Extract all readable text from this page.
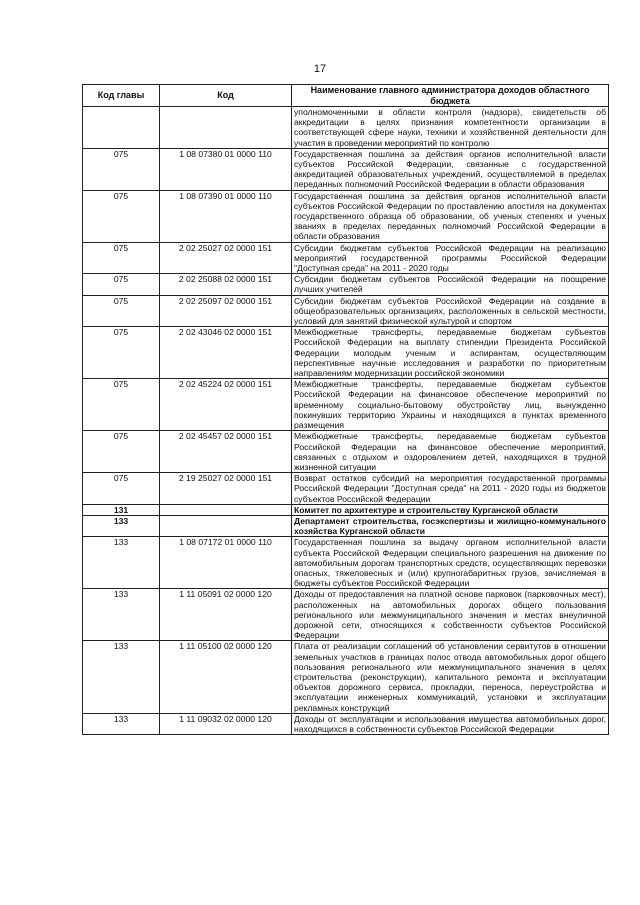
17
Код главы	Код	Наименование главного администратора доходов областного бюджета
		уполномоченными в области контроля (надзора), свидетельств об аккредитации в целях признания компетентности организации в соответствующей сфере науки, техники и хозяйственной деятельности для участия в проведении мероприятий по контролю
075	1 08 07380 01 0000 110	Государственная пошлина за действия органов исполнительной власти субъектов Российской Федерации, связанные с государственной аккредитацией образовательных учреждений, осуществляемой в пределах переданных полномочий Российской Федерации в области образования
075	1 08 07390 01 0000 110	Государственная пошлина за действия органов исполнительной власти субъектов Российской Федерации по проставлению апостиля на документах государственного образца об образовании, об ученых степенях и ученых званиях в пределах переданных полномочий Российской Федерации в области образования
075	2 02 25027 02 0000 151	Субсидии бюджетам субъектов Российской Федерации на реализацию мероприятий государственной программы Российской Федерации "Доступная среда" на 2011 - 2020 годы
075	2 02 25088 02 0000 151	Субсидии бюджетам субъектов Российской Федерации на поощрение лучших учителей
075	2 02 25097 02 0000 151	Субсидии бюджетам субъектов Российской Федерации на создание в общеобразовательных организациях, расположенных в сельской местности, условий для занятий физической культурой и спортом
075	2 02 43046 02 0000 151	Межбюджетные трансферты, передаваемые бюджетам субъектов Российской Федерации на выплату стипендии Президента Российской Федерации молодым ученым и аспирантам, осуществляющим перспективные научные исследования и разработки по приоритетным направлениям модернизации российской экономики
075	2 02 45224 02 0000 151	Межбюджетные трансферты, передаваемые бюджетам субъектов Российской Федерации на финансовое обеспечение мероприятий по временному социально-бытовому обустройству лиц, вынужденно покинувших территорию Украины и находящихся в пунктах временного размещения
075	2 02 45457 02 0000 151	Межбюджетные трансферты, передаваемые бюджетам субъектов Российской Федерации на финансовое обеспечение мероприятий, связанных с отдыхом и оздоровлением детей, находящихся в трудной жизненной ситуации
075	2 19 25027 02 0000 151	Возврат остатков субсидий на мероприятия государственной программы Российской Федерации "Доступная среда" на 2011 - 2020 годы из бюджетов субъектов Российской Федерации
131		Комитет по архитектуре и строительству Курганской области
133		Департамент строительства, госэкспертизы и жилищно-коммунального хозяйства Курганской области
133	1 08 07172 01 0000 110	Государственная пошлина за выдачу органом исполнительной власти субъекта Российской Федерации специального разрешения на движение по автомобильным дорогам транспортных средств, осуществляющих перевозки опасных, тяжеловесных и (или) крупногабаритных грузов, зачисляемая в бюджеты субъектов Российской Федерации
133	1 11 05091 02 0000 120	Доходы от предоставления на платной основе парковок (парковочных мест), расположенных на автомобильных дорогах общего пользования регионального или межмуниципального значения и местах внеуличной дорожной сети, относящихся к собственности субъектов Российской Федерации
133	1 11 05100 02 0000 120	Плата от реализации соглашений об установлении сервитутов в отношении земельных участков в границах полос отвода автомобильных дорог общего пользования регионального или межмуниципального значения в целях строительства (реконструкции), капитального ремонта и эксплуатации объектов дорожного сервиса, прокладки, переноса, переустройства и эксплуатации инженерных коммуникаций, установки и эксплуатации рекламных конструкций
133	1 11 09032 02 0000 120	Доходы от эксплуатации и использования имущества автомобильных дорог, находящихся в собственности субъектов Российской Федерации
